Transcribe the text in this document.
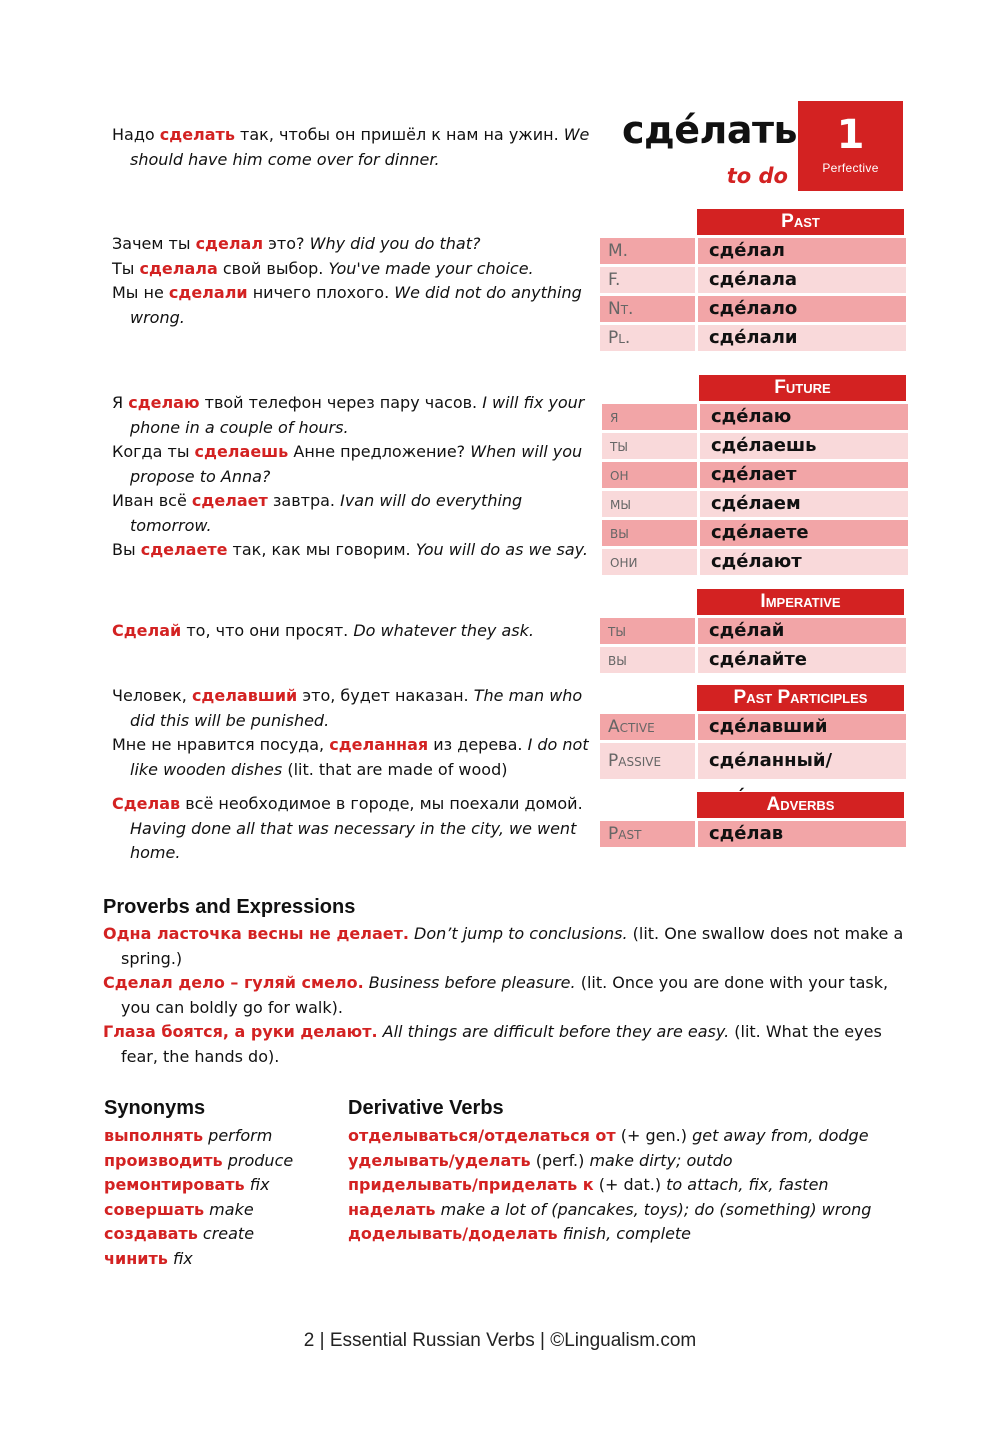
сде́лать
to do
1
Perfective
Надо сделать так, чтобы он пришёл к нам на ужин. We should have him come over for dinner.
Зачем ты сделал это? Why did you do that?
Ты сделала свой выбор. You've made your choice.
Мы не сделали ничего плохого. We did not do anything wrong.
Я сделаю твой телефон через пару часов. I will fix your phone in a couple of hours.
Когда ты сделаешь Анне предложение? When will you propose to Anna?
Иван всё сделает завтра. Ivan will do everything tomorrow.
Вы сделаете так, как мы говорим. You will do as we say.
Сделай то, что они просят. Do whatever they ask.
Человек, сделавший это, будет наказан. The man who did this will be punished.
Мне не нравится посуда, сделанная из дерева. I do not like wooden dishes (lit. that are made of wood)
Сделав всё необходимое в городе, мы поехали домой. Having done all that was necessary in the city, we went home.
Past
M.	сде́лал
F.	сде́лала
Nt.	сде́лало
Pl.	сде́лали
Future
я	сде́лаю
ты	сде́лаешь
он	сде́лает
мы	сде́лаем
вы	сде́лаете
они	сде́лают
Imperative
ты	сде́лай
вы	сде́лайте
Past Participles
Active	сде́лавший
Passive	сде́ланный/
Adverbs
Past	сде́лав
Proverbs and Expressions
Одна ласточка весны не делает. Don’t jump to conclusions. (lit. One swallow does not make a spring.)
Сделал дело – гуляй смело. Business before pleasure. (lit. Once you are done with your task, you can boldly go for walk).
Глаза боятся, а руки делают. All things are difficult before they are easy. (lit. What the eyes fear, the hands do).
Synonyms
выполнять perform
производить produce
ремонтировать fix
совершать make
создавать create
чинить fix
Derivative Verbs
отделываться/отделаться от (+ gen.) get away from, dodge
уделывать/уделать (perf.) make dirty; outdo
приделывать/приделать к (+ dat.) to attach, fix, fasten
наделать make a lot of (pancakes, toys); do (something) wrong
доделывать/доделать finish, complete
2 | Essential Russian Verbs | ©Lingualism.com
